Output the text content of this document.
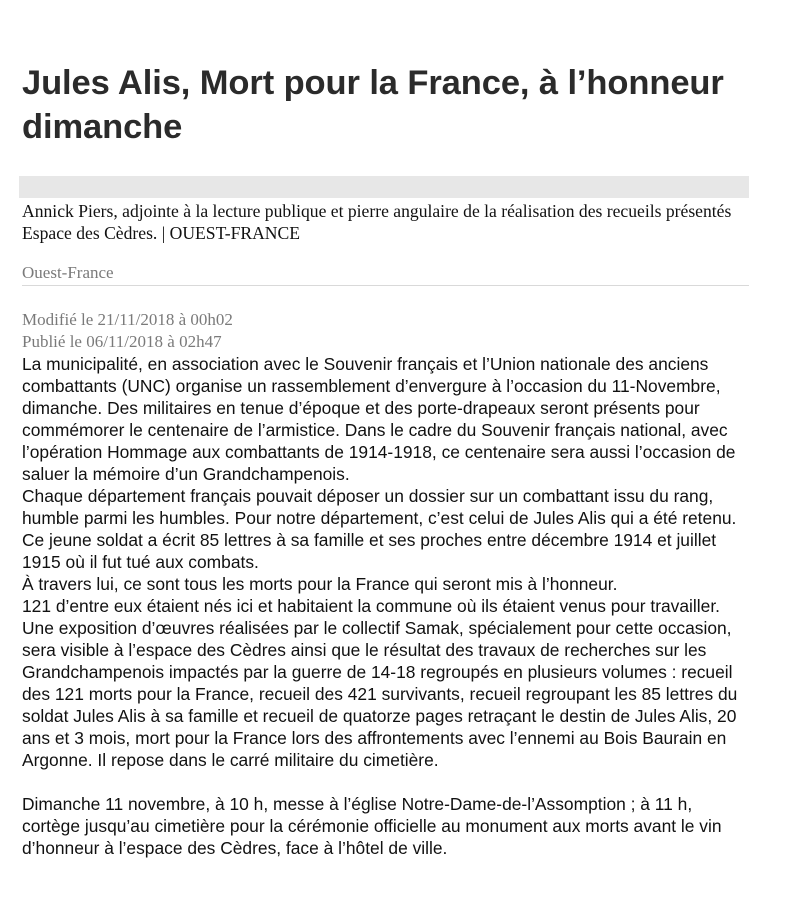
Jules Alis, Mort pour la France, à l’honneur dimanche

Annick Piers, adjointe à la lecture publique et pierre angulaire de la réalisation des recueils présentés Espace des Cèdres. | OUEST-FRANCE

Ouest-France
Modifié le 21/11/2018 à 00h02
Publié le 06/11/2018 à 02h47

La municipalité, en association avec le Souvenir français et l’Union nationale des anciens combattants (UNC) organise un rassemblement d’envergure à l’occasion du 11-Novembre, dimanche. Des militaires en tenue d’époque et des porte-drapeaux seront présents pour commémorer le centenaire de l’armistice. Dans le cadre du Souvenir français national, avec l’opération Hommage aux combattants de 1914-1918, ce centenaire sera aussi l’occasion de saluer la mémoire d’un Grandchampenois.

Chaque département français pouvait déposer un dossier sur un combattant issu du rang, humble parmi les humbles. Pour notre département, c’est celui de Jules Alis qui a été retenu. Ce jeune soldat a écrit 85 lettres à sa famille et ses proches entre décembre 1914 et juillet 1915 où il fut tué aux combats.

À travers lui, ce sont tous les morts pour la France qui seront mis à l’honneur.

121 d’entre eux étaient nés ici et habitaient la commune où ils étaient venus pour travailler. Une exposition d’œuvres réalisées par le collectif Samak, spécialement pour cette occasion, sera visible à l’espace des Cèdres ainsi que le résultat des travaux de recherches sur les Grandchampenois impactés par la guerre de 14-18 regroupés en plusieurs volumes : recueil des 121 morts pour la France, recueil des 421 survivants, recueil regroupant les 85 lettres du soldat Jules Alis à sa famille et recueil de quatorze pages retraçant le destin de Jules Alis, 20 ans et 3 mois, mort pour la France lors des affrontements avec l’ennemi au Bois Baurain en Argonne. Il repose dans le carré militaire du cimetière.

Dimanche 11 novembre, à 10 h, messe à l’église Notre-Dame-de-l’Assomption ; à 11 h, cortège jusqu’au cimetière pour la cérémonie officielle au monument aux morts avant le vin d’honneur à l’espace des Cèdres, face à l’hôtel de ville.
